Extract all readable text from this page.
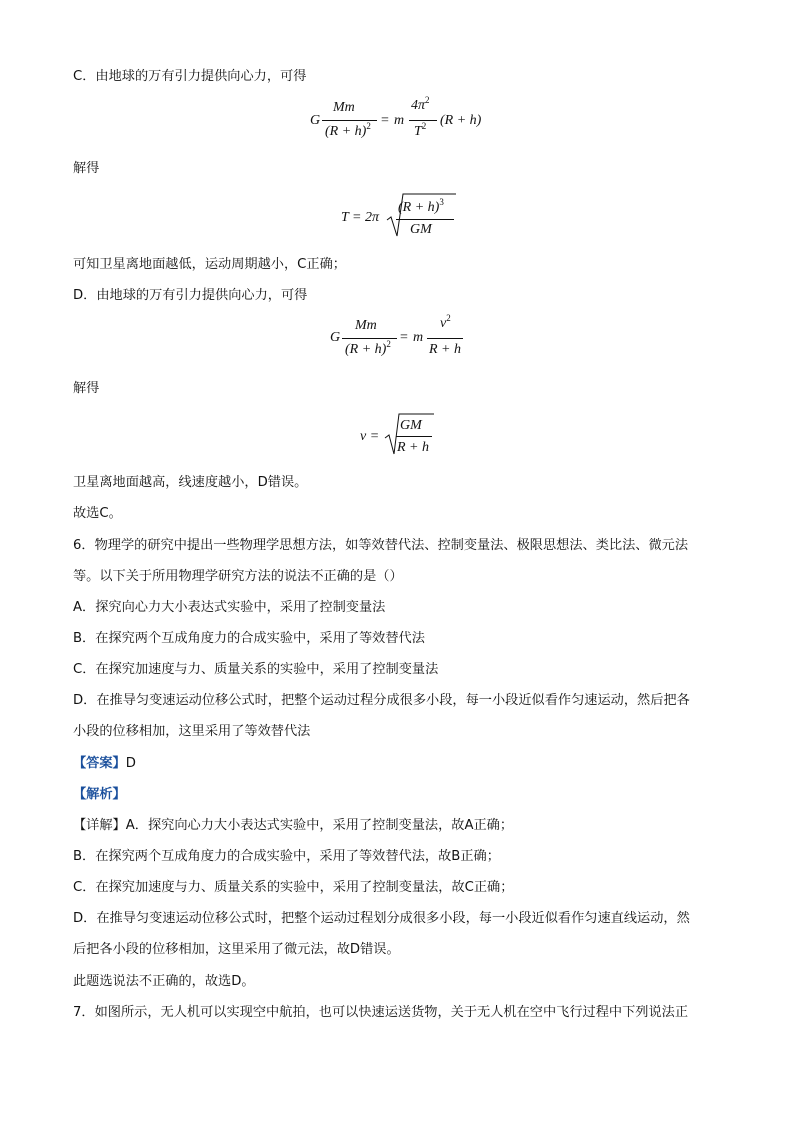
C．由地球的万有引力提供向心力，可得
G
Mm
$(R + h)^2 = m$
$4\pi^2$
$T^2$ (R + h)
解得
T = 2π
$(R + h)^3$
GM
可知卫星离地面越低，运动周期越小，C正确；
D．由地球的万有引力提供向心力，可得
G
Mm
$(R + h)^2 = m$
$v^2$
R + h
解得
v =
GM
R + h
卫星离地面越高，线速度越小，D错误。
故选C。
6．物理学的研究中提出一些物理学思想方法，如等效替代法、控制变量法、极限思想法、类比法、微元法
等。以下关于所用物理学研究方法的说法不正确的是（）
A．探究向心力大小表达式实验中，采用了控制变量法
B．在探究两个互成角度力的合成实验中，采用了等效替代法
C．在探究加速度与力、质量关系的实验中，采用了控制变量法
D．在推导匀变速运动位移公式时，把整个运动过程分成很多小段，每一小段近似看作匀速运动，然后把各
小段的位移相加，这里采用了等效替代法
【答案】D
【解析】
【详解】A．探究向心力大小表达式实验中，采用了控制变量法，故A正确；
B．在探究两个互成角度力的合成实验中，采用了等效替代法，故B正确；
C．在探究加速度与力、质量关系的实验中，采用了控制变量法，故C正确；
D．在推导匀变速运动位移公式时，把整个运动过程划分成很多小段，每一小段近似看作匀速直线运动，然
后把各小段的位移相加，这里采用了微元法，故D错误。
此题选说法不正确的，故选D。
7．如图所示，无人机可以实现空中航拍，也可以快速运送货物，关于无人机在空中飞行过程中下列说法正
